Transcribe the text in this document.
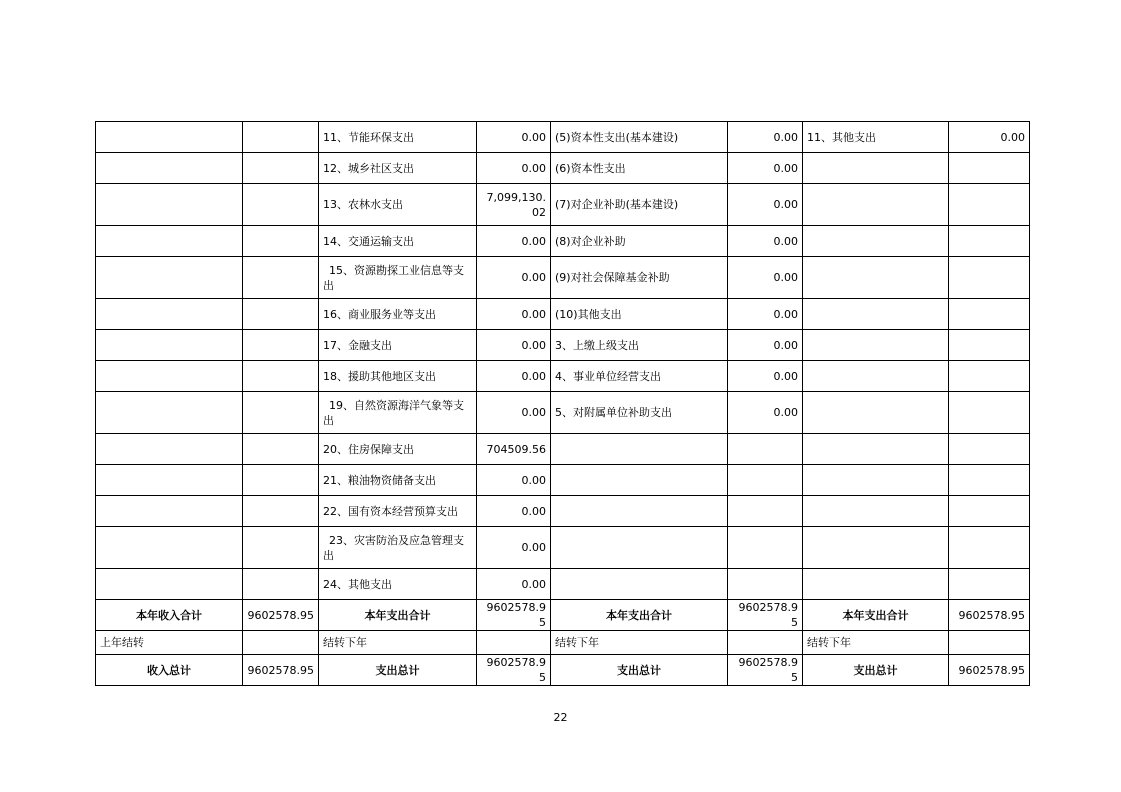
		11、节能环保支出	0.00	(5)资本性支出(基本建设)	0.00	11、其他支出	0.00
		12、城乡社区支出	0.00	(6)资本性支出	0.00		
		13、农林水支出	7,099,130.02	(7)对企业补助(基本建设)	0.00		
		14、交通运输支出	0.00	(8)对企业补助	0.00		
		15、资源勘探工业信息等支出	0.00	(9)对社会保障基金补助	0.00		
		16、商业服务业等支出	0.00	(10)其他支出	0.00		
		17、金融支出	0.00	3、上缴上级支出	0.00		
		18、援助其他地区支出	0.00	4、事业单位经营支出	0.00		
		19、自然资源海洋气象等支出	0.00	5、对附属单位补助支出	0.00		
		20、住房保障支出	704509.56				
		21、粮油物资储备支出	0.00				
		22、国有资本经营预算支出	0.00				
		23、灾害防治及应急管理支出	0.00				
		24、其他支出	0.00				
本年收入合计	9602578.95	本年支出合计	9602578.95	本年支出合计	9602578.95	本年支出合计	9602578.95
上年结转		结转下年		结转下年		结转下年	
收入总计	9602578.95	支出总计	9602578.95	支出总计	9602578.95	支出总计	9602578.95
22
